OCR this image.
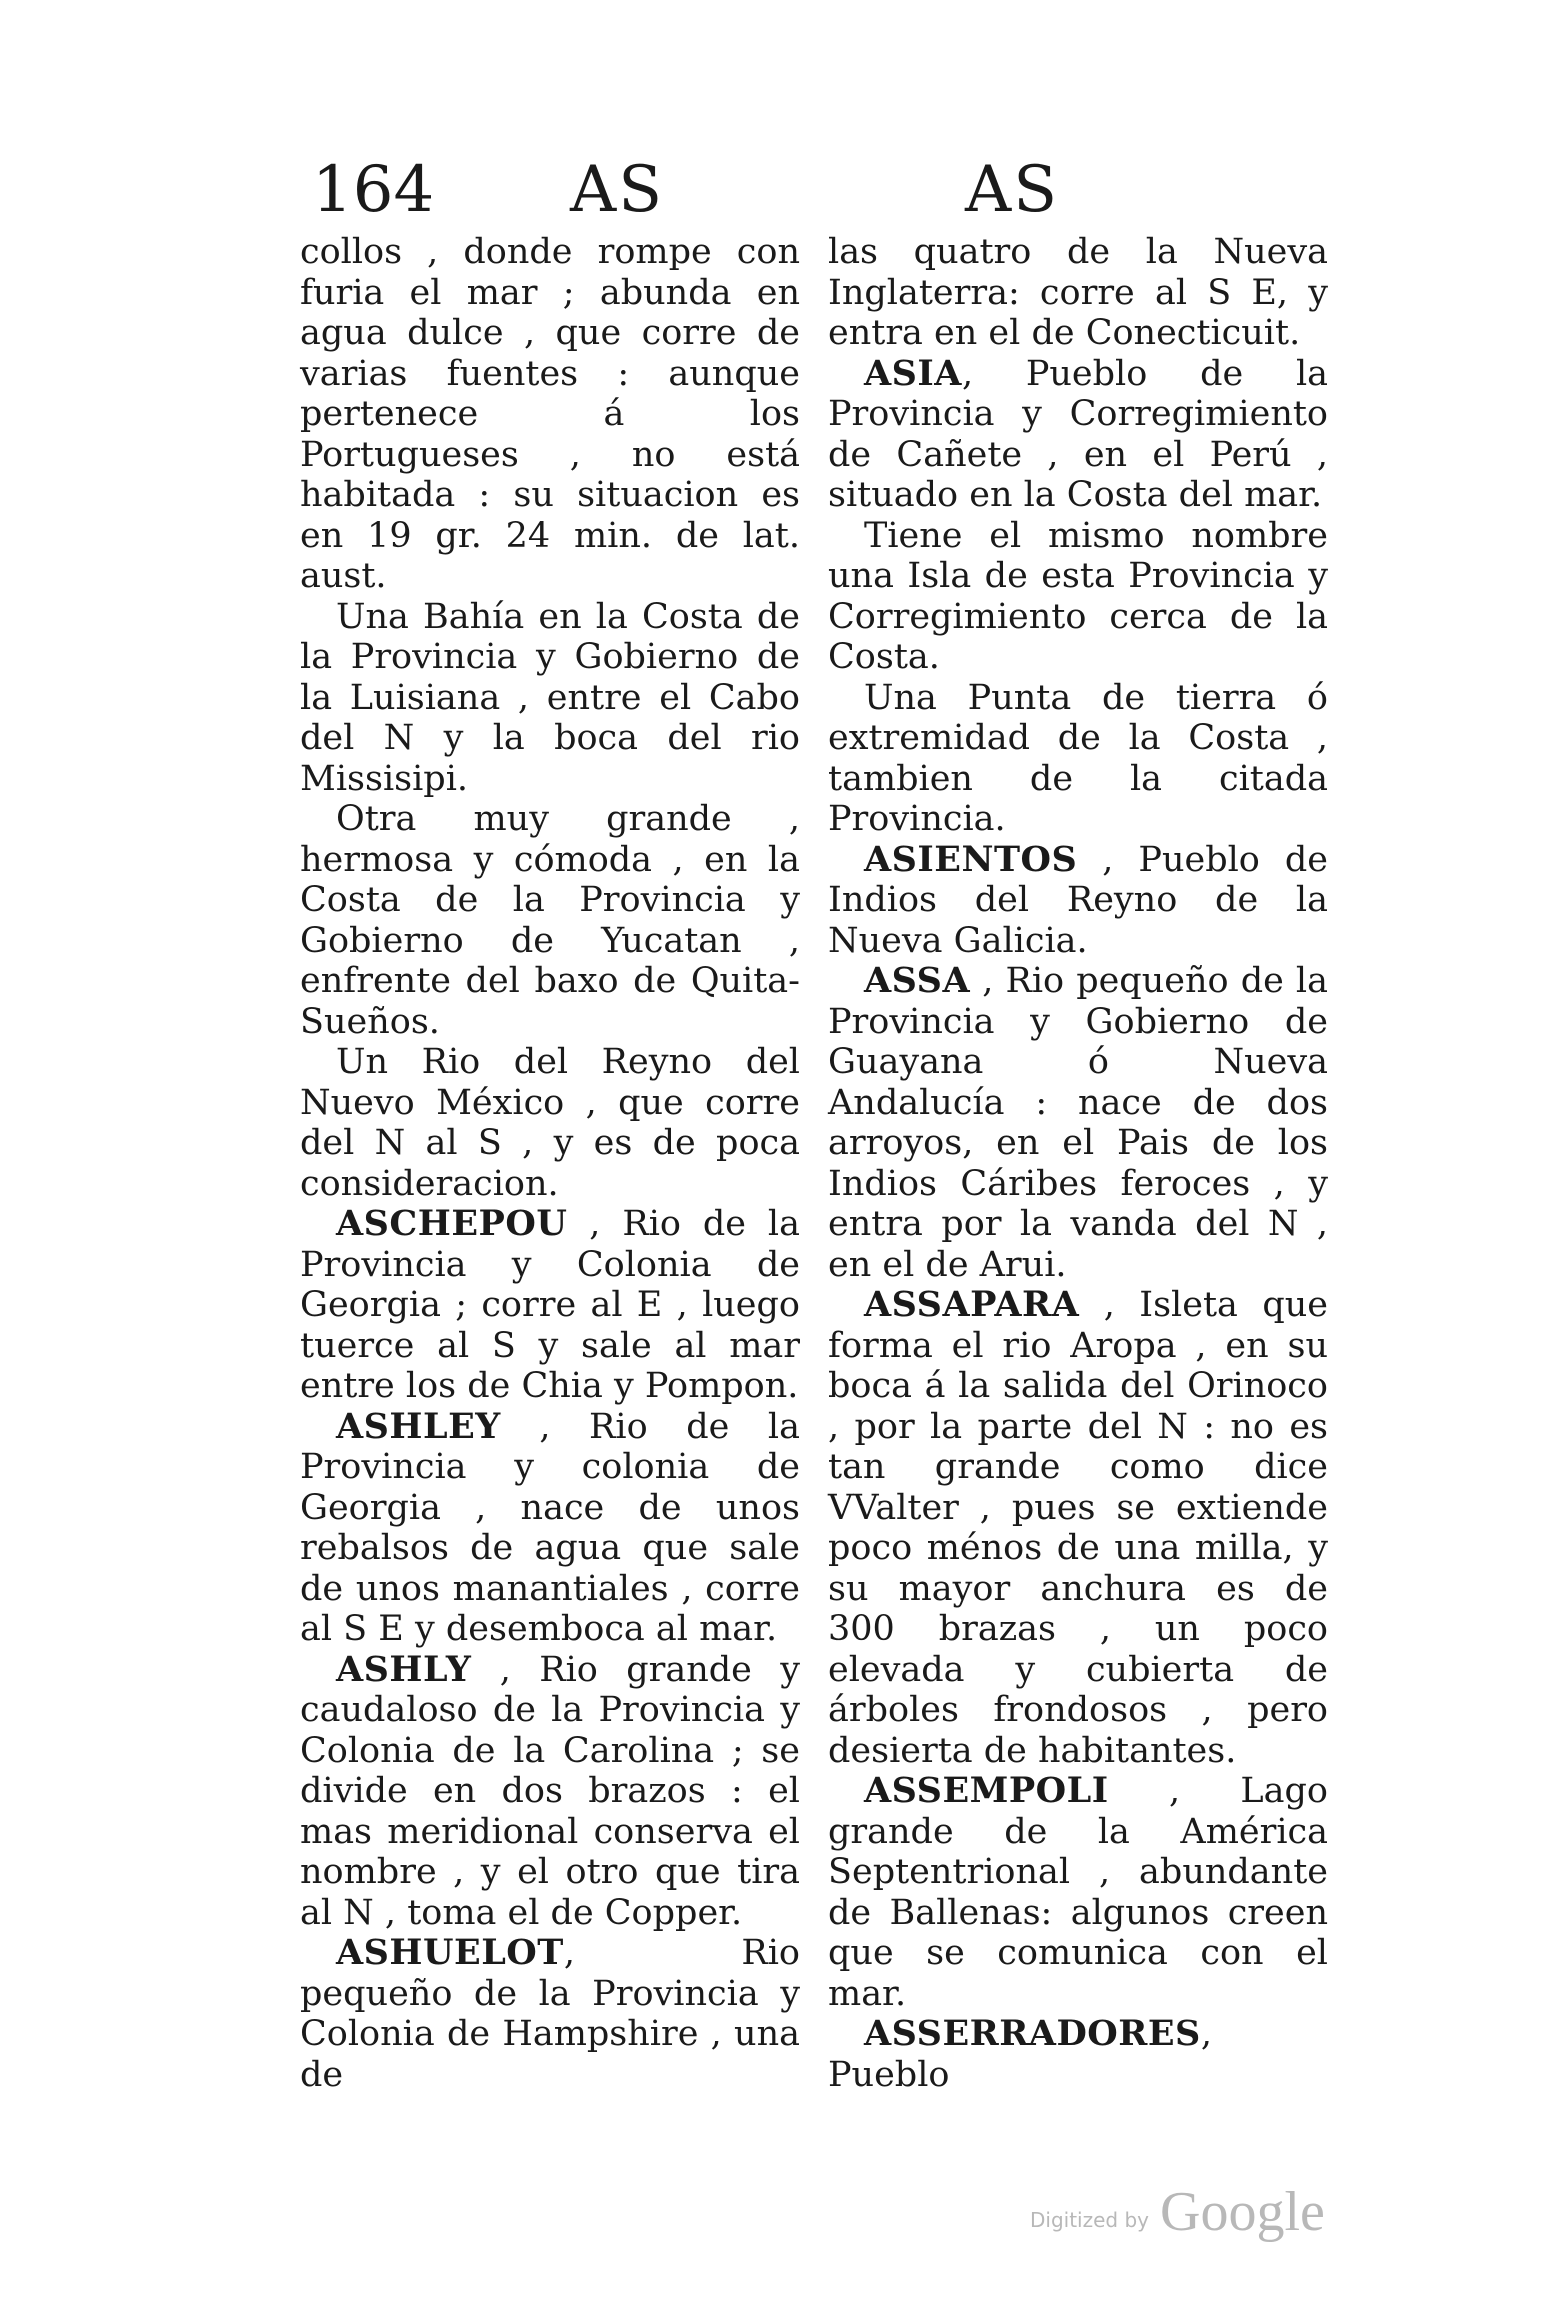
164 AS	AS

collos , donde rompe con furia el mar ; abunda en agua dulce , que corre de varias fuentes : aunque pertenece á los Portugueses , no está habitada : su situacion es en 19 gr. 24 min. de lat. aust.

Una Bahía en la Costa de la Provincia y Gobierno de la Luisiana , entre el Cabo del N y la boca del rio Missisipi.

Otra muy grande , hermosa y cómoda , en la Costa de la Provincia y Gobierno de Yucatan , enfrente del baxo de Quita-Sueños.

Un Rio del Reyno del Nuevo México , que corre del N al S , y es de poca consideracion.

ASCHEPOU , Rio de la Provincia y Colonia de Georgia ; corre al E , luego tuerce al S y sale al mar entre los de Chia y Pompon.

ASHLEY , Rio de la Provincia y colonia de Georgia , nace de unos rebalsos de agua que sale de unos manantiales , corre al S E y desemboca al mar.

ASHLY , Rio grande y caudaloso de la Provincia y Colonia de la Carolina ; se divide en dos brazos : el mas meridional conserva el nombre , y el otro que tira al N , toma el de Copper.

ASHUELOT, Rio pequeño de la Provincia y Colonia de Hampshire , una de

las quatro de la Nueva Inglaterra: corre al S E, y entra en el de Conecticuit.

ASIA, Pueblo de la Provincia y Corregimiento de Cañete , en el Perú , situado en la Costa del mar.

Tiene el mismo nombre una Isla de esta Provincia y Corregimiento cerca de la Costa.

Una Punta de tierra ó extremidad de la Costa , tambien de la citada Provincia.

ASIENTOS , Pueblo de Indios del Reyno de la Nueva Galicia.

ASSA , Rio pequeño de la Provincia y Gobierno de Guayana ó Nueva Andalucía : nace de dos arroyos, en el Pais de los Indios Cáribes feroces , y entra por la vanda del N , en el de Arui.

ASSAPARA , Isleta que forma el rio Aropa , en su boca á la salida del Orinoco , por la parte del N : no es tan grande como dice VValter , pues se extiende poco ménos de una milla, y su mayor anchura es de 300 brazas , un poco elevada y cubierta de árboles frondosos , pero desierta de habitantes.

ASSEMPOLI , Lago grande de la América Septentrional , abundante de Ballenas: algunos creen que se comunica con el mar.

ASSERRADORES, Pueblo

Digitized by Google
